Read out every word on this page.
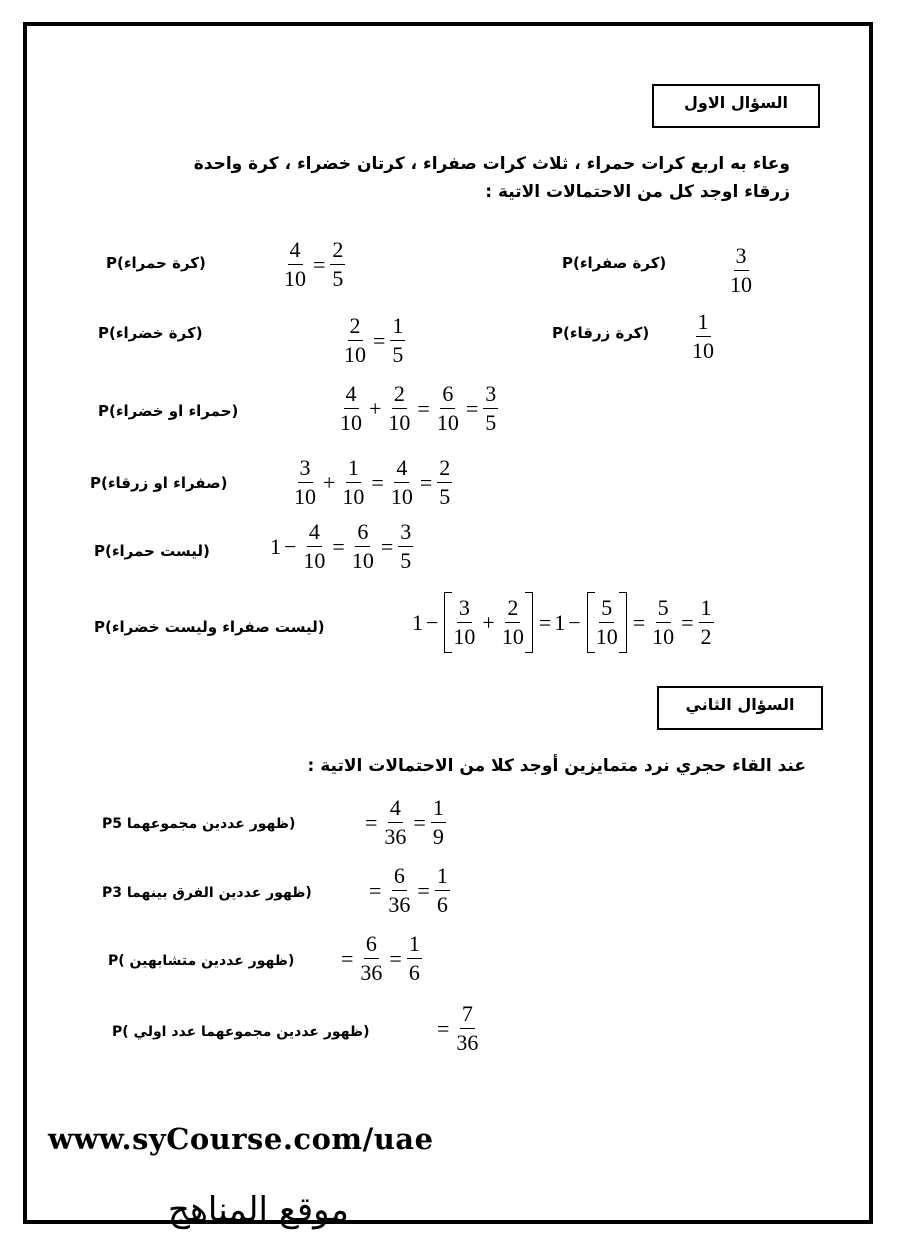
السؤال الاول
وعاء به اربع كرات حمراء ، ثلاث كرات صفراء ، كرتان خضراء ، كرة واحدة
زرقاء اوجد كل من الاحتمالات الاتية :
P(كرة حمراء)	$\frac{4}{10} = \frac{2}{5}$	P(كرة صفراء)	$\frac{3}{10}$
P(كرة خضراء)	$\frac{2}{10} = \frac{1}{5}$	P(كرة زرقاء) $\frac{1}{10}$
P(حمراء او خضراء)	$\frac{4}{10} + \frac{2}{10} = \frac{6}{10} = \frac{3}{5}$
P(صفراء او زرقاء)	$\frac{3}{10} + \frac{1}{10} = \frac{4}{10} = \frac{2}{5}$
P(ليست حمراء)	$1 - \frac{4}{10} = \frac{6}{10} = \frac{3}{5}$
P(ليست صفراء وليست خضراء)	$1 - \frac{3}{10} + \frac{2}{10} = 1 - \frac{5}{10} = \frac{5}{10} = \frac{1}{2}$
السؤال الثاني
عند القاء حجري نرد متمايزين أوجد كلا من الاحتمالات الاتية :
P(ظهور عددين مجموعهما 5	= $\frac{4}{36} = \frac{1}{9}$
P(ظهور عددين الفرق بينهما 3	= $\frac{6}{36} = \frac{1}{6}$
P(ظهور عددين متشابهين ) = $\frac{6}{36} = \frac{1}{6}$
P(ظهور عددين مجموعهما عدد اولي )	= $\frac{7}{36}$
www.syCourse.com/uae
موقع المناهج
